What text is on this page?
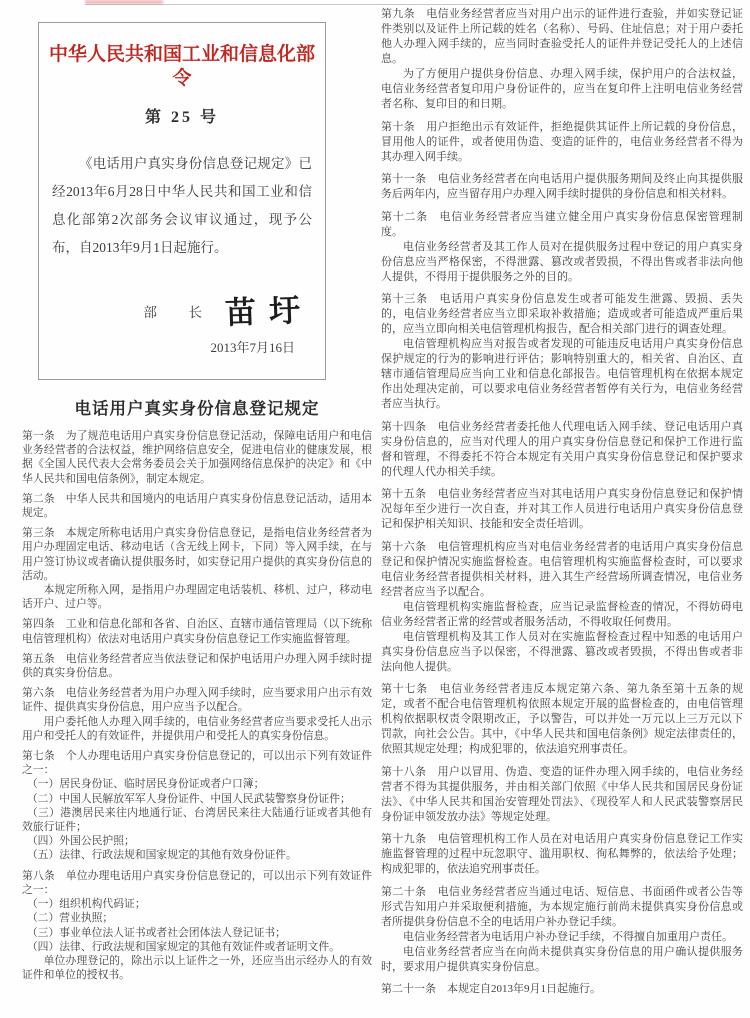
中华人民共和国工业和信息化部令
第 25 号

《电话用户真实身份信息登记规定》已经2013年6月28日中华人民共和国工业和信息化部第2次部务会议审议通过，现予公布，自2013年9月1日起施行。

部　长 苗圩
2013年7月16日
电话用户真实身份信息登记规定

第一条　为了规范电话用户真实身份信息登记活动，保障电话用户和电信业务经营者的合法权益，维护网络信息安全，促进电信业的健康发展，根据《全国人民代表大会常务委员会关于加强网络信息保护的决定》和《中华人民共和国电信条例》，制定本规定。

第二条　中华人民共和国境内的电话用户真实身份信息登记活动，适用本规定。

第三条　本规定所称电话用户真实身份信息登记，是指电信业务经营者为用户办理固定电话、移动电话（含无线上网卡，下同）等入网手续，在与用户签订协议或者确认提供服务时，如实登记用户提供的真实身份信息的活动。

本规定所称入网，是指用户办理固定电话装机、移机、过户，移动电话开户、过户等。

第四条　工业和信息化部和各省、自治区、直辖市通信管理局（以下统称电信管理机构）依法对电话用户真实身份信息登记工作实施监督管理。

第五条　电信业务经营者应当依法登记和保护电话用户办理入网手续时提供的真实身份信息。

第六条　电信业务经营者为用户办理入网手续时，应当要求用户出示有效证件、提供真实身份信息，用户应当予以配合。

用户委托他人办理入网手续的，电信业务经营者应当要求受托人出示用户和受托人的有效证件，并提供用户和受托人的真实身份信息。

第七条　个人办理电话用户真实身份信息登记的，可以出示下列有效证件之一：

（一）居民身份证、临时居民身份证或者户口簿；

（二）中国人民解放军军人身份证件、中国人民武装警察身份证件；

（三）港澳居民来往内地通行证、台湾居民来往大陆通行证或者其他有效旅行证件；

（四）外国公民护照；

（五）法律、行政法规和国家规定的其他有效身份证件。

第八条　单位办理电话用户真实身份信息登记的，可以出示下列有效证件之一：

（一）组织机构代码证；

（二）营业执照；

（三）事业单位法人证书或者社会团体法人登记证书；

（四）法律、行政法规和国家规定的其他有效证件或者证明文件。

单位办理登记的，除出示以上证件之一外，还应当出示经办人的有效证件和单位的授权书。

第九条　电信业务经营者应当对用户出示的证件进行查验，并如实登记证件类别以及证件上所记载的姓名（名称）、号码、住址信息；对于用户委托他人办理入网手续的，应当同时查验受托人的证件并登记受托人的上述信息。

为了方便用户提供身份信息、办理入网手续，保护用户的合法权益，电信业务经营者复印用户身份证件的，应当在复印件上注明电信业务经营者名称、复印目的和日期。

第十条　用户拒绝出示有效证件，拒绝提供其证件上所记载的身份信息，冒用他人的证件，或者使用伪造、变造的证件的，电信业务经营者不得为其办理入网手续。

第十一条　电信业务经营者在向电话用户提供服务期间及终止向其提供服务后两年内，应当留存用户办理入网手续时提供的身份信息和相关材料。

第十二条　电信业务经营者应当建立健全用户真实身份信息保密管理制度。

电信业务经营者及其工作人员对在提供服务过程中登记的用户真实身份信息应当严格保密，不得泄露、篡改或者毁损，不得出售或者非法向他人提供，不得用于提供服务之外的目的。

第十三条　电话用户真实身份信息发生或者可能发生泄露、毁损、丢失的，电信业务经营者应当立即采取补救措施；造成或者可能造成严重后果的，应当立即向相关电信管理机构报告，配合相关部门进行的调查处理。

电信管理机构应当对报告或者发现的可能违反电话用户真实身份信息保护规定的行为的影响进行评估；影响特别重大的，相关省、自治区、直辖市通信管理局应当向工业和信息化部报告。电信管理机构在依据本规定作出处理决定前，可以要求电信业务经营者暂停有关行为，电信业务经营者应当执行。

第十四条　电信业务经营者委托他人代理电话入网手续、登记电话用户真实身份信息的，应当对代理人的用户真实身份信息登记和保护工作进行监督和管理，不得委托不符合本规定有关用户真实身份信息登记和保护要求的代理人代办相关手续。

第十五条　电信业务经营者应当对其电话用户真实身份信息登记和保护情况每年至少进行一次自查，并对其工作人员进行电话用户真实身份信息登记和保护相关知识、技能和安全责任培训。

第十六条　电信管理机构应当对电信业务经营者的电话用户真实身份信息登记和保护情况实施监督检查。电信管理机构实施监督检查时，可以要求电信业务经营者提供相关材料，进入其生产经营场所调查情况，电信业务经营者应当予以配合。

电信管理机构实施监督检查，应当记录监督检查的情况，不得妨碍电信业务经营者正常的经营或者服务活动，不得收取任何费用。

电信管理机构及其工作人员对在实施监督检查过程中知悉的电话用户真实身份信息应当予以保密，不得泄露、篡改或者毁损，不得出售或者非法向他人提供。

第十七条　电信业务经营者违反本规定第六条、第九条至第十五条的规定，或者不配合电信管理机构依照本规定开展的监督检查的，由电信管理机构依据职权责令限期改正，予以警告，可以并处一万元以上三万元以下罚款，向社会公告。其中，《中华人民共和国电信条例》规定法律责任的，依照其规定处理；构成犯罪的，依法追究刑事责任。

第十八条　用户以冒用、伪造、变造的证件办理入网手续的，电信业务经营者不得为其提供服务，并由相关部门依照《中华人民共和国居民身份证法》、《中华人民共和国治安管理处罚法》、《现役军人和人民武装警察居民身份证申领发放办法》等规定处理。

第十九条　电信管理机构工作人员在对电话用户真实身份信息登记工作实施监督管理的过程中玩忽职守、滥用职权、徇私舞弊的，依法给予处理；构成犯罪的，依法追究刑事责任。

第二十条　电信业务经营者应当通过电话、短信息、书面函件或者公告等形式告知用户并采取便利措施，为本规定施行前尚未提供真实身份信息或者所提供身份信息不全的电话用户补办登记手续。

电信业务经营者为电话用户补办登记手续，不得擅自加重用户责任。

电信业务经营者应当在向尚未提供真实身份信息的用户确认提供服务时，要求用户提供真实身份信息。

第二十一条　本规定自2013年9月1日起施行。
